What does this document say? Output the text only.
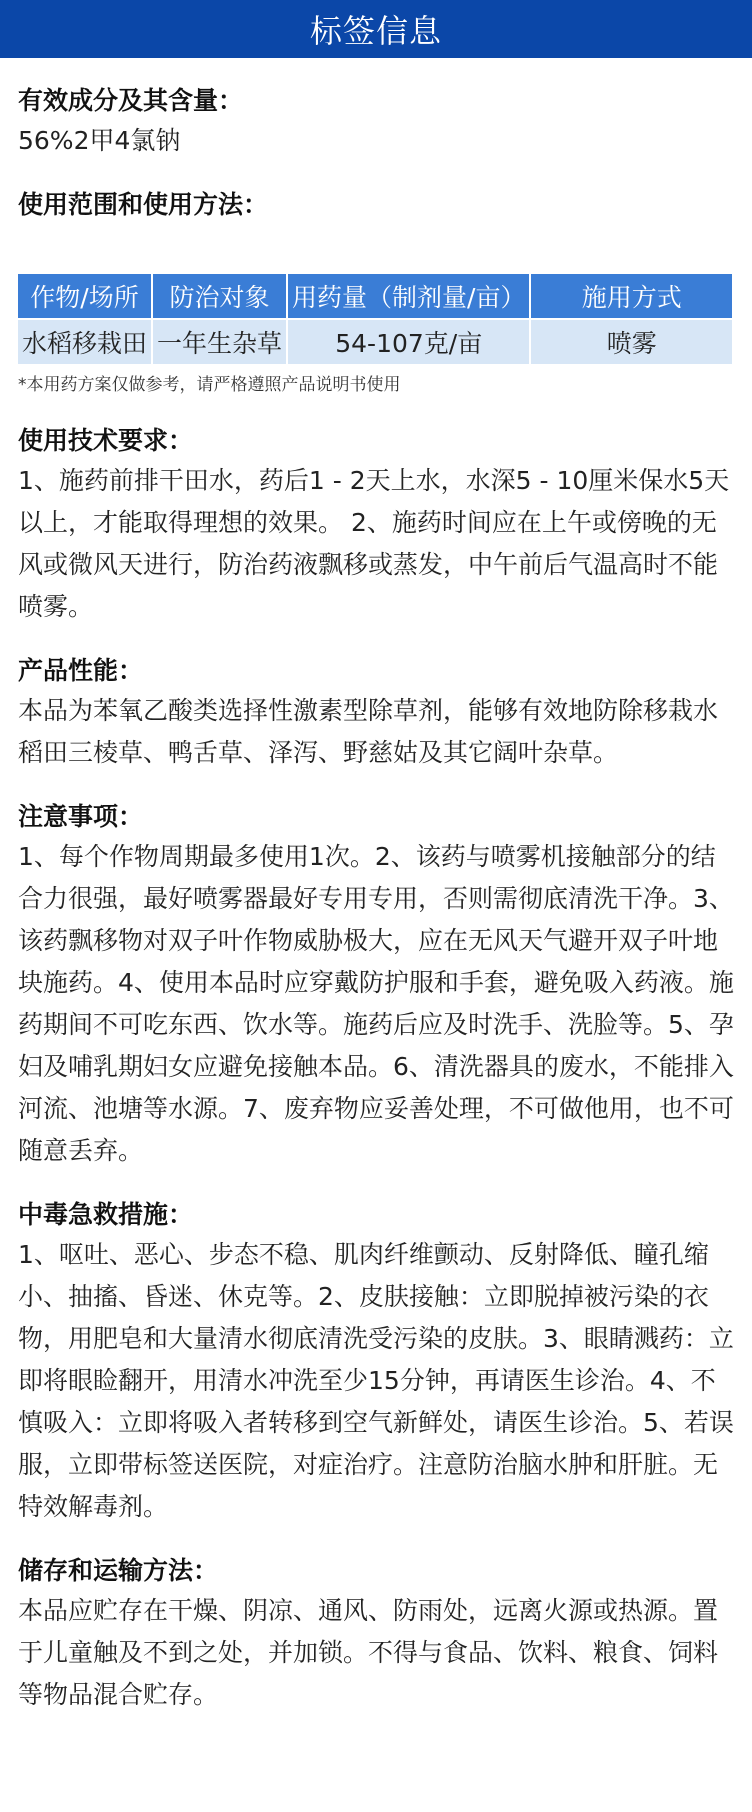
标签信息
有效成分及其含量：
56%2甲4氯钠
使用范围和使用方法：
作物/场所	防治对象	用药量（制剂量/亩）	施用方式
水稻移栽田	一年生杂草	54-107克/亩	喷雾
*本用药方案仅做参考，请严格遵照产品说明书使用
使用技术要求：
1、施药前排干田水，药后1 - 2天上水，水深5 - 10厘米保水5天以上，才能取得理想的效果。 2、施药时间应在上午或傍晚的无风或微风天进行，防治药液飘移或蒸发，中午前后气温高时不能喷雾。
产品性能：
本品为苯氧乙酸类选择性激素型除草剂，能够有效地防除移栽水稻田三棱草、鸭舌草、泽泻、野慈姑及其它阔叶杂草。
注意事项：
1、每个作物周期最多使用1次。2、该药与喷雾机接触部分的结合力很强，最好喷雾器最好专用专用，否则需彻底清洗干净。3、该药飘移物对双子叶作物威胁极大，应在无风天气避开双子叶地块施药。4、使用本品时应穿戴防护服和手套，避免吸入药液。施药期间不可吃东西、饮水等。施药后应及时洗手、洗脸等。5、孕妇及哺乳期妇女应避免接触本品。6、清洗器具的废水，不能排入河流、池塘等水源。7、废弃物应妥善处理，不可做他用，也不可随意丢弃。
中毒急救措施：
1、呕吐、恶心、步态不稳、肌肉纤维颤动、反射降低、瞳孔缩小、抽搐、昏迷、休克等。2、皮肤接触：立即脱掉被污染的衣物，用肥皂和大量清水彻底清洗受污染的皮肤。3、眼睛溅药：立即将眼睑翻开，用清水冲洗至少15分钟，再请医生诊治。4、不慎吸入：立即将吸入者转移到空气新鲜处，请医生诊治。5、若误服，立即带标签送医院，对症治疗。注意防治脑水肿和肝脏。无特效解毒剂。
储存和运输方法：
本品应贮存在干燥、阴凉、通风、防雨处，远离火源或热源。置于儿童触及不到之处，并加锁。不得与食品、饮料、粮食、饲料等物品混合贮存。
